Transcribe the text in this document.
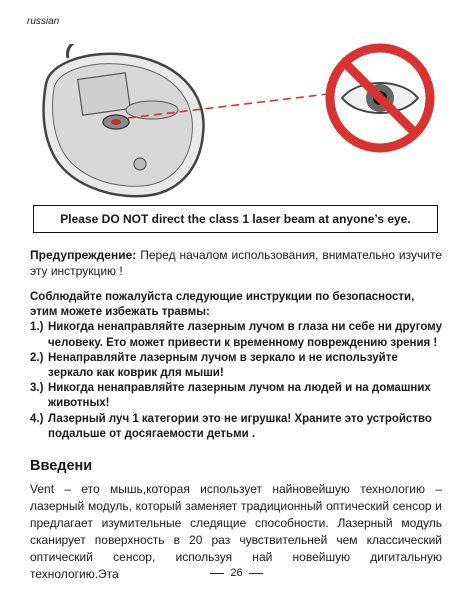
russian
Please DO NOT direct the class 1 laser beam at anyone’s eye.
Предупреждение: Перед началом использования, внимательно изучите эту инструкцию !

Соблюдайте пожалуйста следующие инструкции по безопасности, этим можете избежать травмы:

1.) Никогда ненаправляйте лазерным лучом в глаза ни себе ни другому человеку. Ето может привести к временному повреждению зрения !
2.) Ненаправляйте лазерным лучом в зеркало и не используйте зеркало как коврик для мыши!
3.) Никогда ненаправляйте лазерным лучом на людей и на домашних животных!
4.) Лазерный луч 1 категории это не игрушка! Храните это устройство подальше от досягаемости детьми .
Введени
Vent – ето мышь,которая использует найновейшую технологию – лазерный модуль, который заменяет традиционный оптический сенсор и предлагает изумительные следящие способности. Лазерный модуль сканирует поверхность в 20 раз чувствительней чем классический оптический сенсор, используя най новейшую дигитальную технологию.Эта	26
